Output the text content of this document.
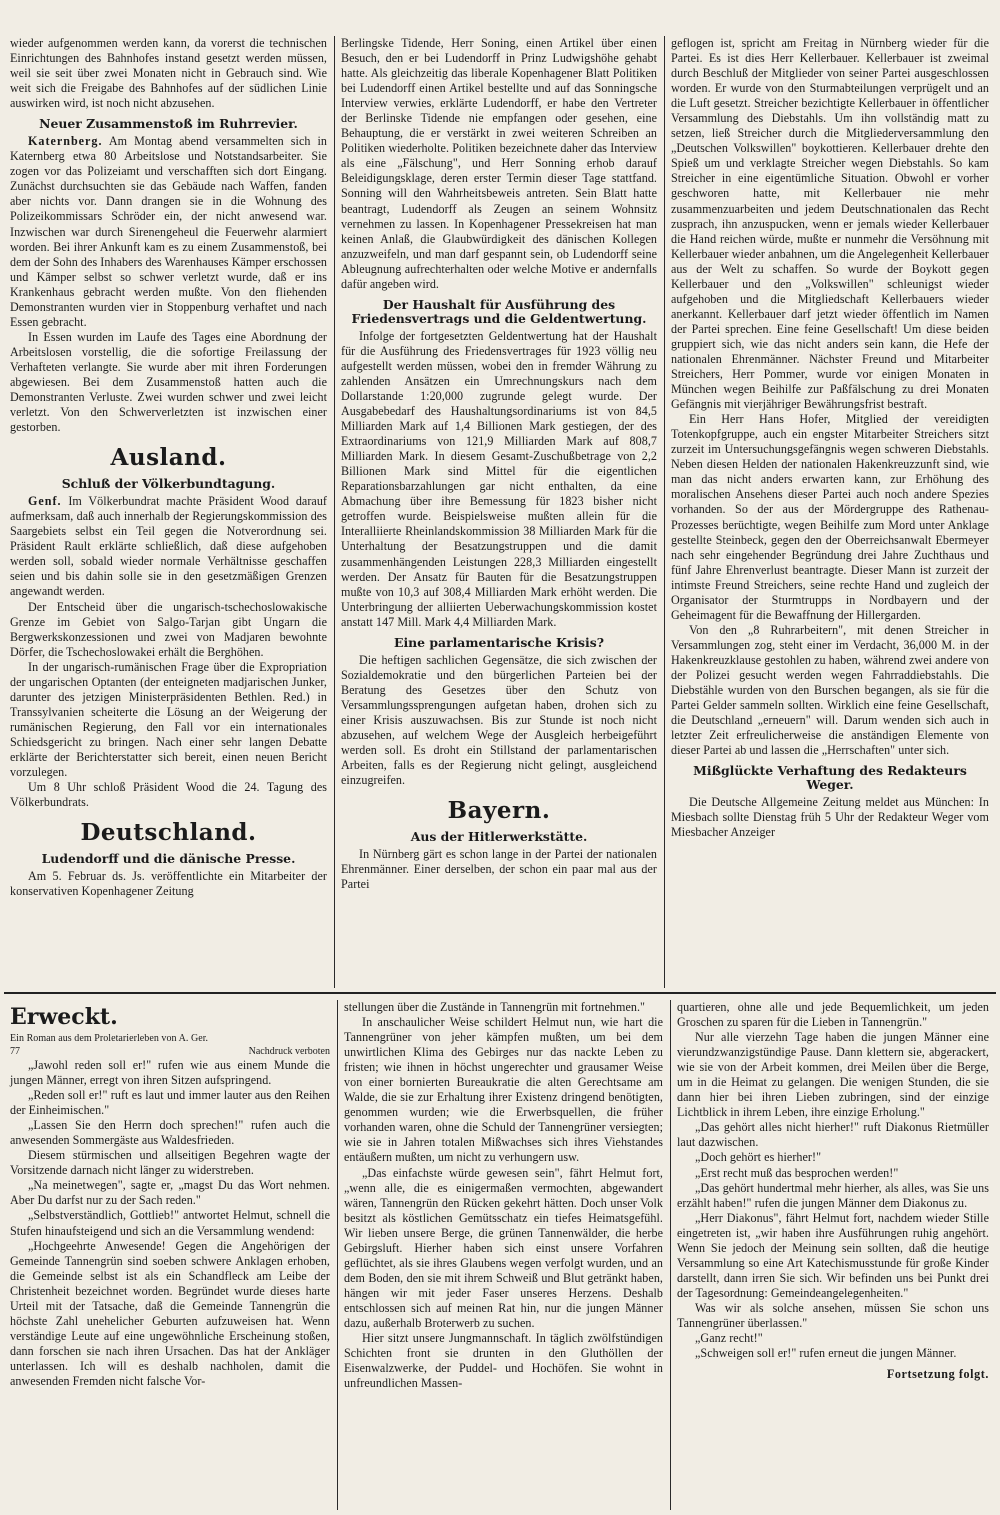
wieder aufgenommen werden kann, da vorerst die technischen Einrichtungen des Bahnhofes instand gesetzt werden müssen, weil sie seit über zwei Monaten nicht in Gebrauch sind. Wie weit sich die Freigabe des Bahnhofes auf der südlichen Linie auswirken wird, ist noch nicht abzusehen.

Neuer Zusammenstoß im Ruhrrevier.

Katernberg. Am Montag abend versammelten sich in Katernberg etwa 80 Arbeitslose und Notstandsarbeiter. Sie zogen vor das Polizeiamt und verschafften sich dort Eingang. Zunächst durchsuchten sie das Gebäude nach Waffen, fanden aber nichts vor. Dann drangen sie in die Wohnung des Polizeikommissars Schröder ein, der nicht anwesend war. Inzwischen war durch Sirenengeheul die Feuerwehr alarmiert worden. Bei ihrer Ankunft kam es zu einem Zusammenstoß, bei dem der Sohn des Inhabers des Warenhauses Kämper erschossen und Kämper selbst so schwer verletzt wurde, daß er ins Krankenhaus gebracht werden mußte. Von den fliehenden Demonstranten wurden vier in Stoppenburg verhaftet und nach Essen gebracht.

In Essen wurden im Laufe des Tages eine Abordnung der Arbeitslosen vorstellig, die die sofortige Freilassung der Verhafteten verlangte. Sie wurde aber mit ihren Forderungen abgewiesen. Bei dem Zusammenstoß hatten auch die Demonstranten Verluste. Zwei wurden schwer und zwei leicht verletzt. Von den Schwerverletzten ist inzwischen einer gestorben.

Ausland.
Schluß der Völkerbundtagung.

Genf. Im Völkerbundrat machte Präsident Wood darauf aufmerksam, daß auch innerhalb der Regierungskommission des Saargebiets selbst ein Teil gegen die Notverordnung sei. Präsident Rault erklärte schließlich, daß diese aufgehoben werden soll, sobald wieder normale Verhältnisse geschaffen seien und bis dahin solle sie in den gesetzmäßigen Grenzen angewandt werden.

Der Entscheid über die ungarisch-tschechoslowakische Grenze im Gebiet von Salgo-Tarjan gibt Ungarn die Bergwerkskonzessionen und zwei von Madjaren bewohnte Dörfer, die Tschechoslowakei erhält die Berghöhen.

In der ungarisch-rumänischen Frage über die Expropriation der ungarischen Optanten (der enteigneten madjarischen Junker, darunter des jetzigen Ministerpräsidenten Bethlen. Red.) in Transsylvanien scheiterte die Lösung an der Weigerung der rumänischen Regierung, den Fall vor ein internationales Schiedsgericht zu bringen. Nach einer sehr langen Debatte erklärte der Berichterstatter sich bereit, einen neuen Bericht vorzulegen.

Um 8 Uhr schloß Präsident Wood die 24. Tagung des Völkerbundrats.

Deutschland.
Ludendorff und die dänische Presse.

Am 5. Februar ds. Js. veröffentlichte ein Mitarbeiter der konservativen Kopenhagener Zeitung

Berlingske Tidende, Herr Soning, einen Artikel über einen Besuch, den er bei Ludendorff in Prinz Ludwigshöhe gehabt hatte. Als gleichzeitig das liberale Kopenhagener Blatt Politiken bei Ludendorff einen Artikel bestellte und auf das Sonningsche Interview verwies, erklärte Ludendorff, er habe den Vertreter der Berlinske Tidende nie empfangen oder gesehen, eine Behauptung, die er verstärkt in zwei weiteren Schreiben an Politiken wiederholte. Politiken bezeichnete daher das Interview als eine „Fälschung", und Herr Sonning erhob darauf Beleidigungsklage, deren erster Termin dieser Tage stattfand. Sonning will den Wahrheitsbeweis antreten. Sein Blatt hatte beantragt, Ludendorff als Zeugen an seinem Wohnsitz vernehmen zu lassen. In Kopenhagener Pressekreisen hat man keinen Anlaß, die Glaubwürdigkeit des dänischen Kollegen anzuzweifeln, und man darf gespannt sein, ob Ludendorff seine Ableugnung aufrechterhalten oder welche Motive er andernfalls dafür angeben wird.

Der Haushalt für Ausführung des Friedensvertrags und die Geldentwertung.

Infolge der fortgesetzten Geldentwertung hat der Haushalt für die Ausführung des Friedensvertrages für 1923 völlig neu aufgestellt werden müssen, wobei den in fremder Währung zu zahlenden Ansätzen ein Umrechnungskurs nach dem Dollarstande 1:20,000 zugrunde gelegt wurde. Der Ausgabebedarf des Haushaltungsordinariums ist von 84,5 Milliarden Mark auf 1,4 Billionen Mark gestiegen, der des Extraordinariums von 121,9 Milliarden Mark auf 808,7 Milliarden Mark. In diesem Gesamt-Zuschußbetrage von 2,2 Billionen Mark sind Mittel für die eigentlichen Reparationsbarzahlungen gar nicht enthalten, da eine Abmachung über ihre Bemessung für 1823 bisher nicht getroffen wurde. Beispielsweise mußten allein für die Interalliierte Rheinlandskommission 38 Milliarden Mark für die Unterhaltung der Besatzungstruppen und die damit zusammenhängenden Leistungen 228,3 Milliarden eingestellt werden. Der Ansatz für Bauten für die Besatzungstruppen mußte von 10,3 auf 308,4 Milliarden Mark erhöht werden. Die Unterbringung der alliierten Ueberwachungskommission kostet anstatt 147 Mill. Mark 4,4 Milliarden Mark.

Eine parlamentarische Krisis?

Die heftigen sachlichen Gegensätze, die sich zwischen der Sozialdemokratie und den bürgerlichen Parteien bei der Beratung des Gesetzes über den Schutz von Versammlungssprengungen aufgetan haben, drohen sich zu einer Krisis auszuwachsen. Bis zur Stunde ist noch nicht abzusehen, auf welchem Wege der Ausgleich herbeigeführt werden soll. Es droht ein Stillstand der parlamentarischen Arbeiten, falls es der Regierung nicht gelingt, ausgleichend einzugreifen.

Bayern.
Aus der Hitlerwerkstätte.

In Nürnberg gärt es schon lange in der Partei der nationalen Ehrenmänner. Einer derselben, der schon ein paar mal aus der Partei

geflogen ist, spricht am Freitag in Nürnberg wieder für die Partei. Es ist dies Herr Kellerbauer. Kellerbauer ist zweimal durch Beschluß der Mitglieder von seiner Partei ausgeschlossen worden. Er wurde von den Sturmabteilungen verprügelt und an die Luft gesetzt. Streicher bezichtigte Kellerbauer in öffentlicher Versammlung des Diebstahls. Um ihn vollständig matt zu setzen, ließ Streicher durch die Mitgliederversammlung den „Deutschen Volkswillen" boykottieren. Kellerbauer drehte den Spieß um und verklagte Streicher wegen Diebstahls. So kam Streicher in eine eigentümliche Situation. Obwohl er vorher geschworen hatte, mit Kellerbauer nie mehr zusammenzuarbeiten und jedem Deutschnationalen das Recht zusprach, ihn anzuspucken, wenn er jemals wieder Kellerbauer die Hand reichen würde, mußte er nunmehr die Versöhnung mit Kellerbauer wieder anbahnen, um die Angelegenheit Kellerbauer aus der Welt zu schaffen. So wurde der Boykott gegen Kellerbauer und den „Volkswillen" schleunigst wieder aufgehoben und die Mitgliedschaft Kellerbauers wieder anerkannt. Kellerbauer darf jetzt wieder öffentlich im Namen der Partei sprechen. Eine feine Gesellschaft! Um diese beiden gruppiert sich, wie das nicht anders sein kann, die Hefe der nationalen Ehrenmänner. Nächster Freund und Mitarbeiter Streichers, Herr Pommer, wurde vor einigen Monaten in München wegen Beihilfe zur Paßfälschung zu drei Monaten Gefängnis mit vierjähriger Bewährungsfrist bestraft.

Ein Herr Hans Hofer, Mitglied der vereidigten Totenkopfgruppe, auch ein engster Mitarbeiter Streichers sitzt zurzeit im Untersuchungsgefängnis wegen schweren Diebstahls. Neben diesen Helden der nationalen Hakenkreuzzunft sind, wie man das nicht anders erwarten kann, zur Erhöhung des moralischen Ansehens dieser Partei auch noch andere Spezies vorhanden. So der aus der Mördergruppe des Rathenau-Prozesses berüchtigte, wegen Beihilfe zum Mord unter Anklage gestellte Steinbeck, gegen den der Oberreichsanwalt Ebermeyer nach sehr eingehender Begründung drei Jahre Zuchthaus und fünf Jahre Ehrenverlust beantragte. Dieser Mann ist zurzeit der intimste Freund Streichers, seine rechte Hand und zugleich der Organisator der Sturmtrupps in Nordbayern und der Geheimagent für die Bewaffnung der Hillergarden.

Von den „8 Ruhrarbeitern", mit denen Streicher in Versammlungen zog, steht einer im Verdacht, 36,000 M. in der Hakenkreuzklause gestohlen zu haben, während zwei andere von der Polizei gesucht werden wegen Fahrraddiebstahls. Die Diebstähle wurden von den Burschen begangen, als sie für die Partei Gelder sammeln sollten. Wirklich eine feine Gesellschaft, die Deutschland „erneuern" will. Darum wenden sich auch in letzter Zeit erfreulicherweise die anständigen Elemente von dieser Partei ab und lassen die „Herrschaften" unter sich.

Mißglückte Verhaftung des Redakteurs Weger.

Die Deutsche Allgemeine Zeitung meldet aus München: In Miesbach sollte Dienstag früh 5 Uhr der Redakteur Weger vom Miesbacher Anzeiger

Erweckt.

Ein Roman aus dem Proletarierleben von A. Ger.

77	Nachdruck verboten

„Jawohl reden soll er!" rufen wie aus einem Munde die jungen Männer, erregt von ihren Sitzen aufspringend.

„Reden soll er!" ruft es laut und immer lauter aus den Reihen der Einheimischen."

„Lassen Sie den Herrn doch sprechen!" rufen auch die anwesenden Sommergäste aus Waldesfrieden.

Diesem stürmischen und allseitigen Begehren wagte der Vorsitzende darnach nicht länger zu widerstreben.

„Na meinetwegen", sagte er, „magst Du das Wort nehmen. Aber Du darfst nur zu der Sach reden."

„Selbstverständlich, Gottlieb!" antwortet Helmut, schnell die Stufen hinaufsteigend und sich an die Versammlung wendend:

„Hochgeehrte Anwesende! Gegen die Angehörigen der Gemeinde Tannengrün sind soeben schwere Anklagen erhoben, die Gemeinde selbst ist als ein Schandfleck am Leibe der Christenheit bezeichnet worden. Begründet wurde dieses harte Urteil mit der Tatsache, daß die Gemeinde Tannengrün die höchste Zahl unehelicher Geburten aufzuweisen hat. Wenn verständige Leute auf eine ungewöhnliche Erscheinung stoßen, dann forschen sie nach ihren Ursachen. Das hat der Ankläger unterlassen. Ich will es deshalb nachholen, damit die anwesenden Fremden nicht falsche Vor-

stellungen über die Zustände in Tannengrün mit fortnehmen."

In anschaulicher Weise schildert Helmut nun, wie hart die Tannengrüner von jeher kämpfen mußten, um bei dem unwirtlichen Klima des Gebirges nur das nackte Leben zu fristen; wie ihnen in höchst ungerechter und grausamer Weise von einer bornierten Bureaukratie die alten Gerechtsame am Walde, die sie zur Erhaltung ihrer Existenz dringend benötigten, genommen wurden; wie die Erwerbsquellen, die früher vorhanden waren, ohne die Schuld der Tannengrüner versiegten; wie sie in Jahren totalen Mißwachses sich ihres Viehstandes entäußern mußten, um nicht zu verhungern usw.

„Das einfachste würde gewesen sein", fährt Helmut fort, „wenn alle, die es einigermaßen vermochten, abgewandert wären, Tannengrün den Rücken gekehrt hätten. Doch unser Volk besitzt als köstlichen Gemütsschatz ein tiefes Heimatsgefühl. Wir lieben unsere Berge, die grünen Tannenwälder, die herbe Gebirgsluft. Hierher haben sich einst unsere Vorfahren geflüchtet, als sie ihres Glaubens wegen verfolgt wurden, und an dem Boden, den sie mit ihrem Schweiß und Blut getränkt haben, hängen wir mit jeder Faser unseres Herzens. Deshalb entschlossen sich auf meinen Rat hin, nur die jungen Männer dazu, außerhalb Broterwerb zu suchen.

Hier sitzt unsere Jungmannschaft. In täglich zwölfstündigen Schichten front sie drunten in den Gluthöllen der Eisenwalzwerke, der Puddel- und Hochöfen. Sie wohnt in unfreundlichen Massen-

quartieren, ohne alle und jede Bequemlichkeit, um jeden Groschen zu sparen für die Lieben in Tannengrün."

Nur alle vierzehn Tage haben die jungen Männer eine vierundzwanzigstündige Pause. Dann klettern sie, abgerackert, wie sie von der Arbeit kommen, drei Meilen über die Berge, um in die Heimat zu gelangen. Die wenigen Stunden, die sie dann hier bei ihren Lieben zubringen, sind der einzige Lichtblick in ihrem Leben, ihre einzige Erholung."

„Das gehört alles nicht hierher!" ruft Diakonus Rietmüller laut dazwischen.

„Doch gehört es hierher!"

„Erst recht muß das besprochen werden!"

„Das gehört hundertmal mehr hierher, als alles, was Sie uns erzählt haben!" rufen die jungen Männer dem Diakonus zu.

„Herr Diakonus", fährt Helmut fort, nachdem wieder Stille eingetreten ist, „wir haben ihre Ausführungen ruhig angehört. Wenn Sie jedoch der Meinung sein sollten, daß die heutige Versammlung so eine Art Katechismusstunde für große Kinder darstellt, dann irren Sie sich. Wir befinden uns bei Punkt drei der Tagesordnung: Gemeindeangelegenheiten."

Was wir als solche ansehen, müssen Sie schon uns Tannengrüner überlassen."

„Ganz recht!"

„Schweigen soll er!" rufen erneut die jungen Männer.

Fortsetzung folgt.
